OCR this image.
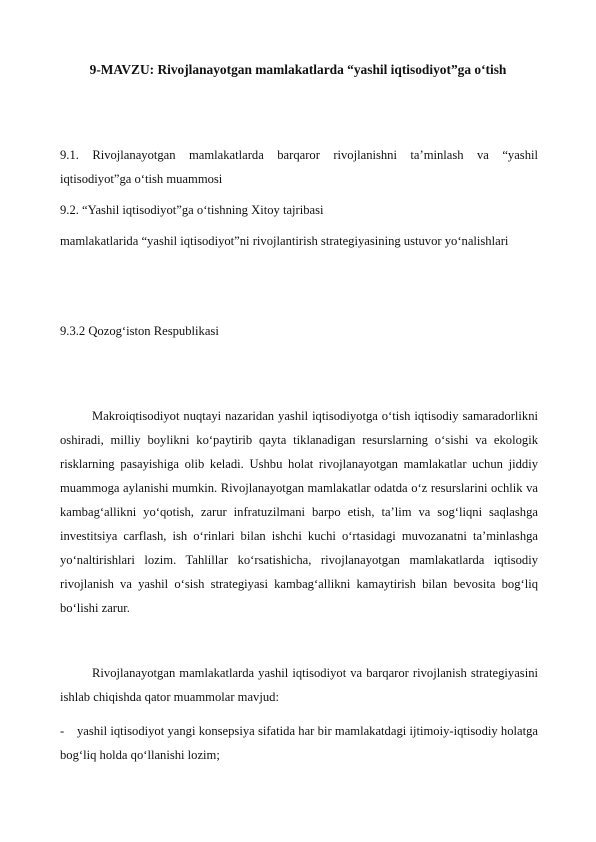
9-MAVZU: Rivojlanayotgan mamlakatlarda “yashil iqtisodiyot”ga o‘tish
9.1. Rivojlanayotgan mamlakatlarda barqaror rivojlanishni ta’minlash va “yashil iqtisodiyot”ga o‘tish muammosi
9.2. “Yashil iqtisodiyot”ga o‘tishning Xitoy tajribasi
mamlakatlarida “yashil iqtisodiyot”ni rivojlantirish strategiyasining ustuvor yo‘nalishlari
9.3.2 Qozog‘iston Respublikasi
Makroiqtisodiyot nuqtayi nazaridan yashil iqtisodiyotga o‘tish iqtisodiy samaradorlikni oshiradi, milliy boylikni ko‘paytirib qayta tiklanadigan resurslarning o‘sishi va ekologik risklarning pasayishiga olib keladi. Ushbu holat rivojlanayotgan mamlakatlar uchun jiddiy muammoga aylanishi mumkin. Rivojlanayotgan mamlakatlar odatda o‘z resurslarini ochlik va kambag‘allikni yo‘qotish, zarur infratuzilmani barpo etish, ta’lim va sog‘liqni saqlashga investitsiya carflash, ish o‘rinlari bilan ishchi kuchi o‘rtasidagi muvozanatni ta’minlashga yo‘naltirishlari lozim. Tahlillar ko‘rsatishicha, rivojlanayotgan mamlakatlarda iqtisodiy rivojlanish va yashil o‘sish strategiyasi kambag‘allikni kamaytirish bilan bevosita bog‘liq bo‘lishi zarur.
Rivojlanayotgan mamlakatlarda yashil iqtisodiyot va barqaror rivojlanish strategiyasini ishlab chiqishda qator muammolar mavjud:
- yashil iqtisodiyot yangi konsepsiya sifatida har bir mamlakatdagi ijtimoiy-iqtisodiy holatga bog‘liq holda qo‘llanishi lozim;
